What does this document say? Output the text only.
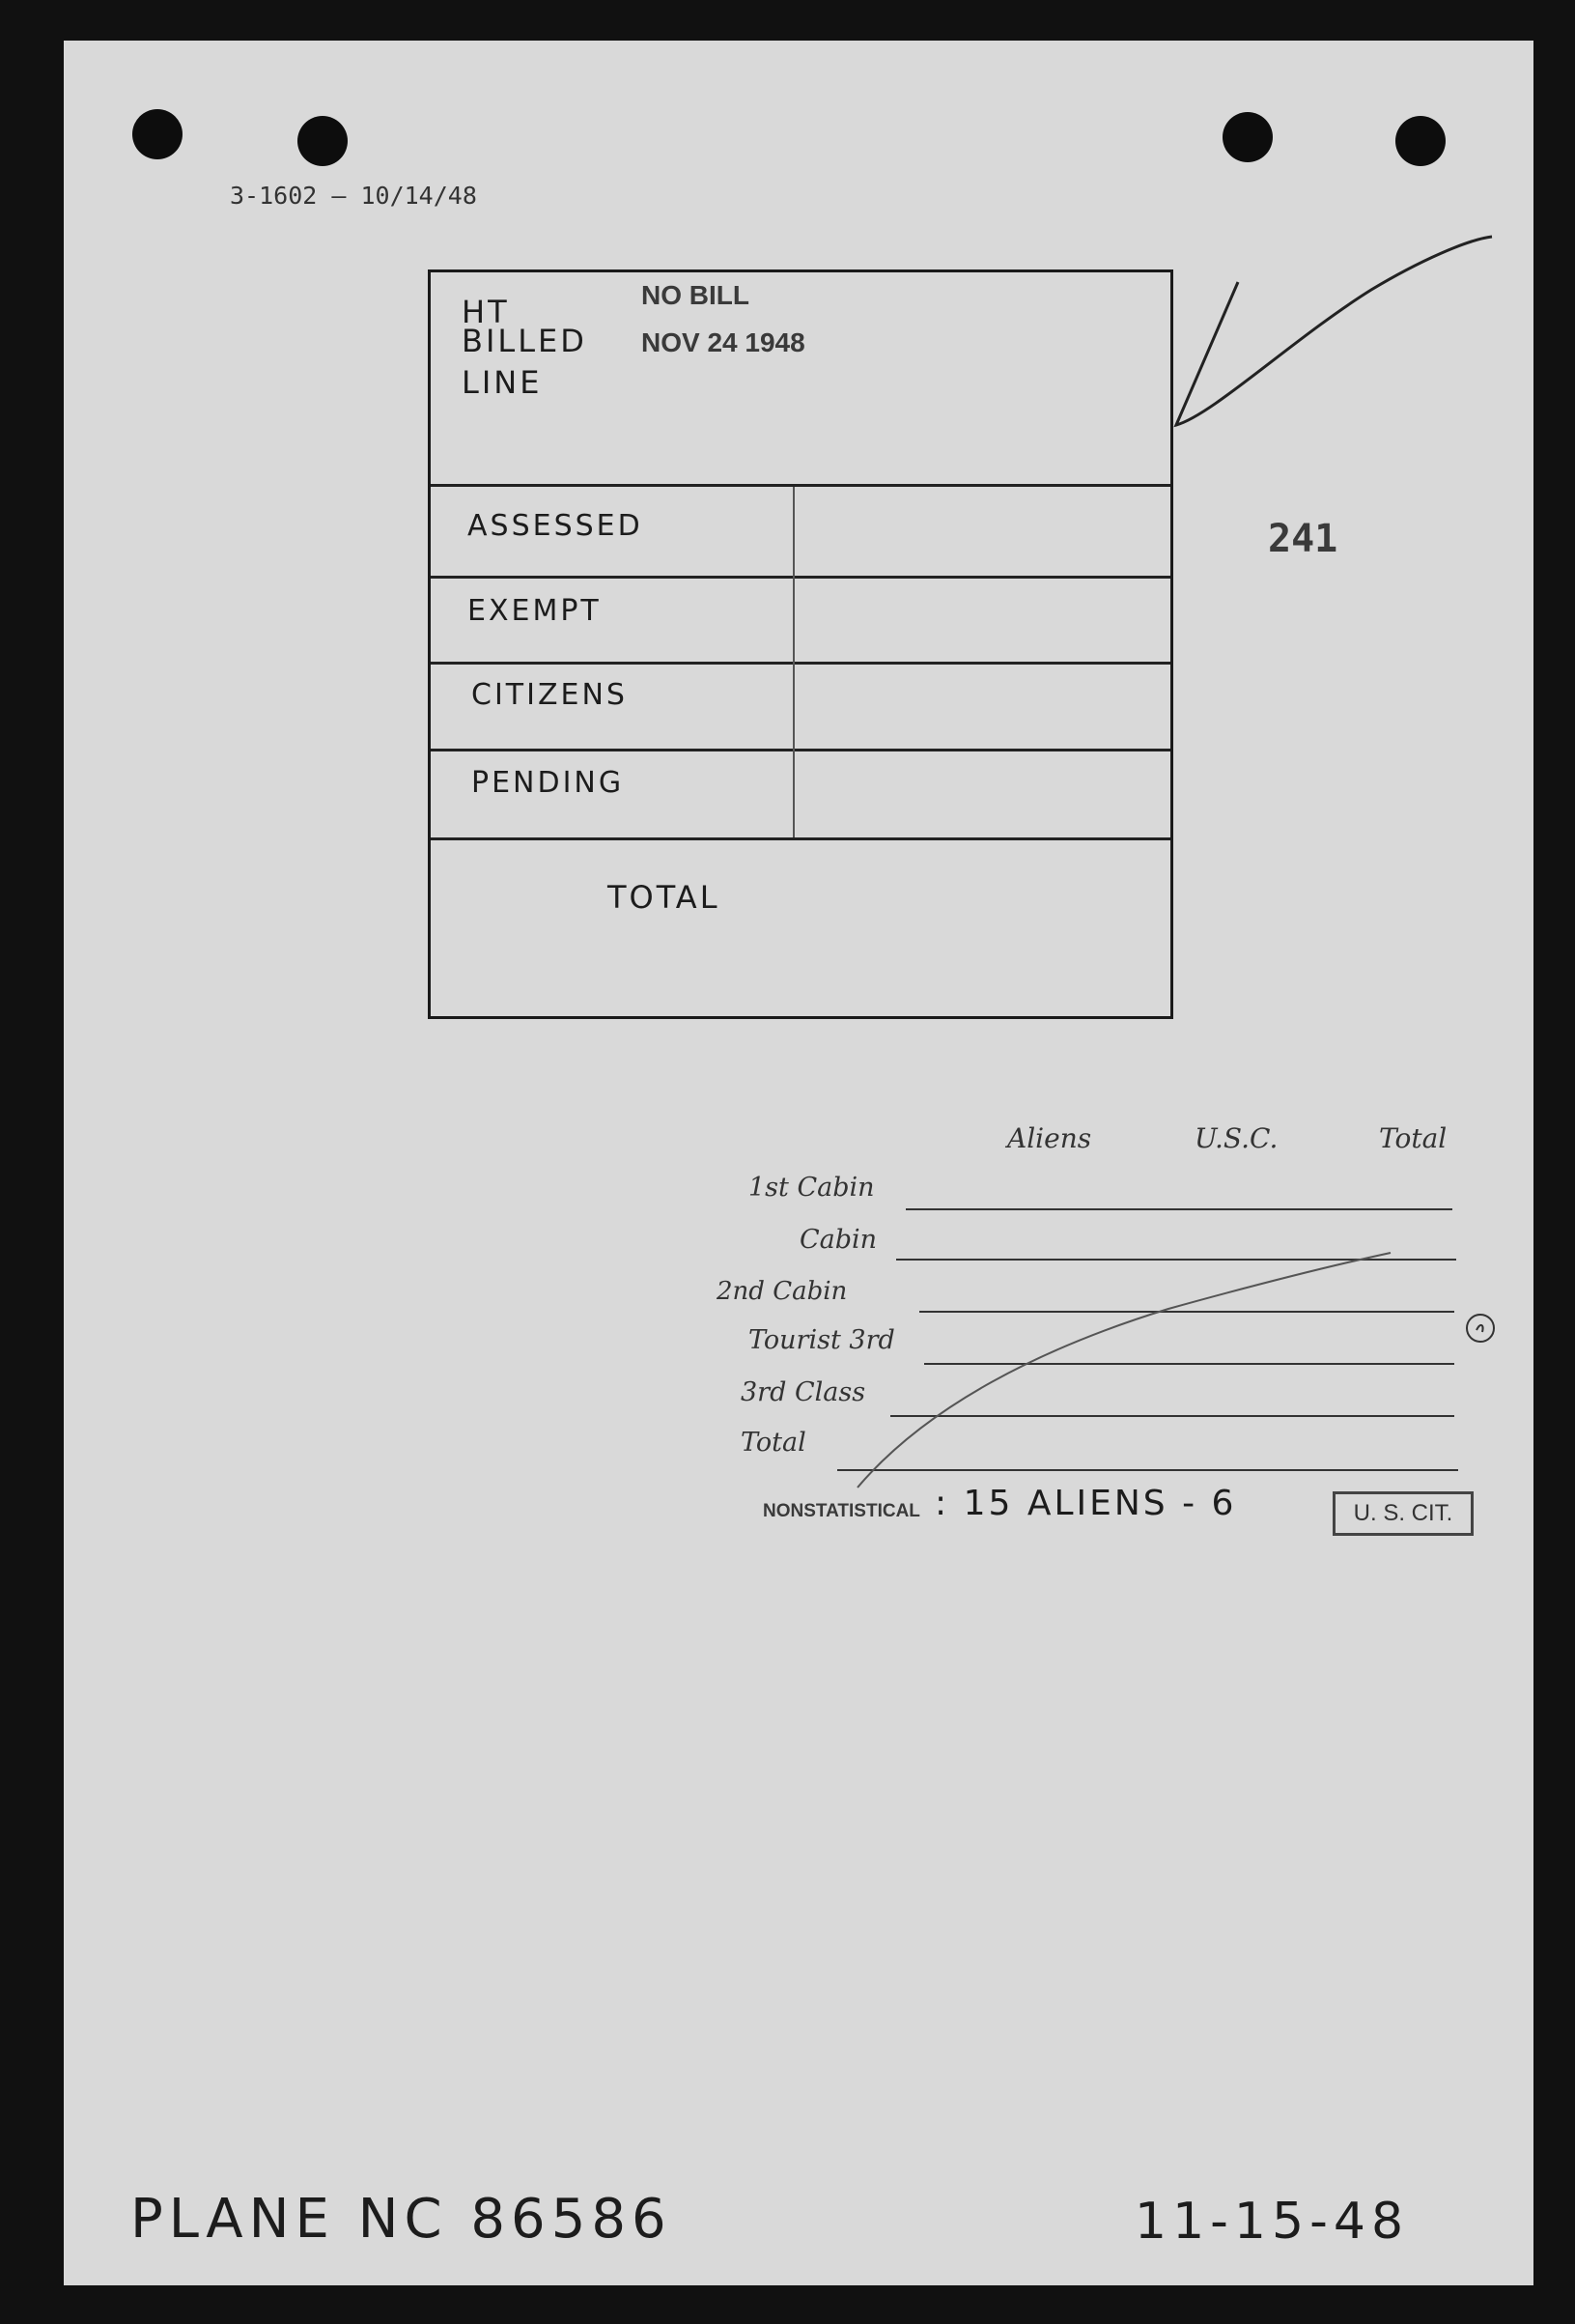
3-1602 — 10/14/48
HT
BILLED
LINE
NO BILL
NOV 24 1948
ASSESSED
EXEMPT
CITIZENS
PENDING
TOTAL
241
Aliens	U.S.C.	Total
1st Cabin
Cabin
2nd Cabin
Tourist 3rd
3rd Class
Total
NONSTATISTICAL : 15 ALIENS - 6	U. S. CIT.
PLANE NC 86586	11-15-48
